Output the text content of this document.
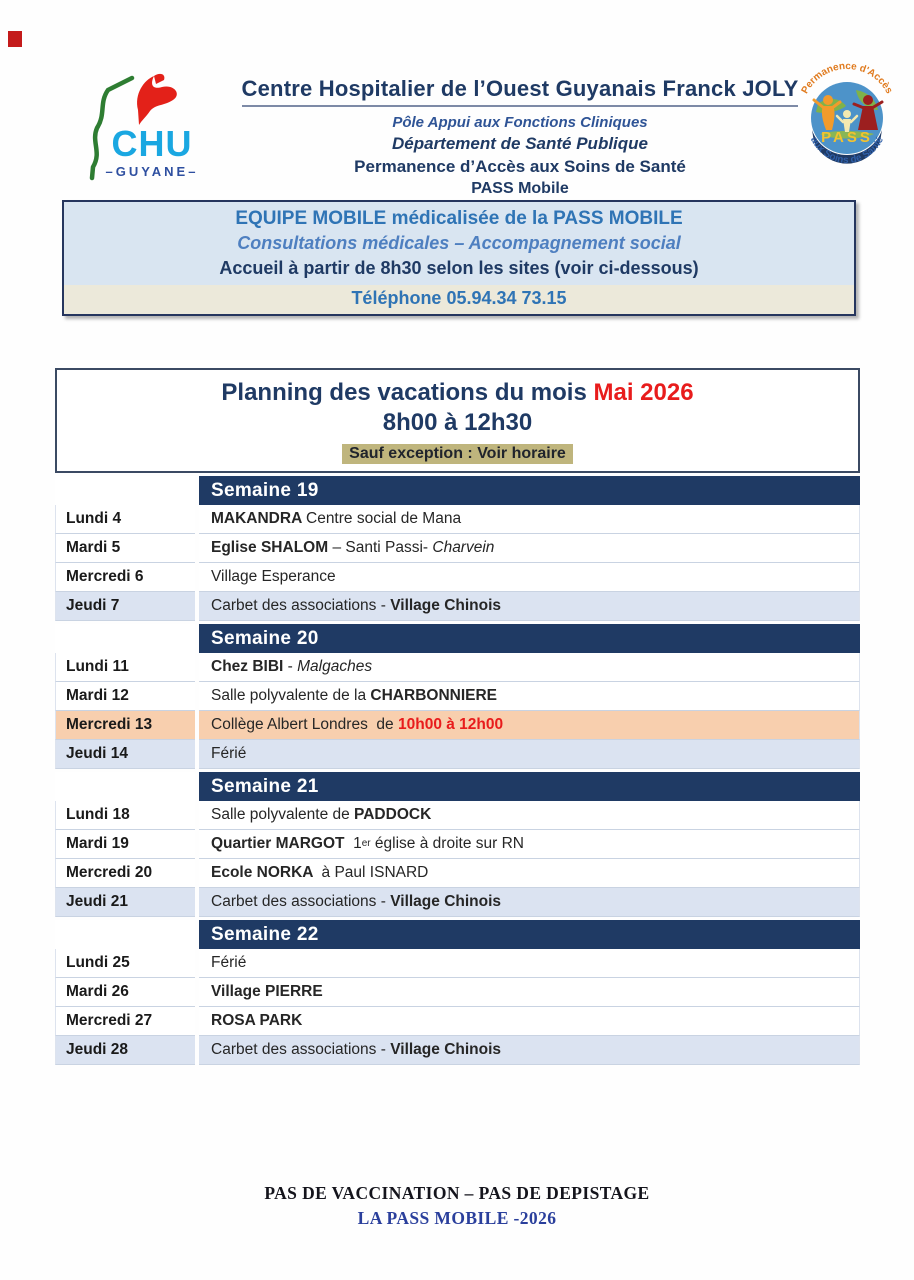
CHU
–GUYANE–
PASS
Permanence d'Accès
aux Soins de Santé
Centre Hospitalier de l’Ouest Guyanais Franck JOLY
Pôle Appui aux Fonctions Cliniques
Département de Santé Publique
Permanence d’Accès aux Soins de Santé
PASS Mobile
EQUIPE MOBILE médicalisée de la PASS MOBILE
Consultations médicales – Accompagnement social
Accueil à partir de 8h30 selon les sites (voir ci-dessous)
Téléphone 05.94.34 73.15
Planning des vacations du mois Mai 2026
8h00 à 12h30
Sauf exception : Voir horaire
Semaine 19
Lundi 4	MAKANDRA Centre social de Mana
Mardi 5	Eglise SHALOM – Santi Passi- Charvein
Mercredi 6	Village Esperance
Jeudi 7	Carbet des associations - Village Chinois
Semaine 20
Lundi 11	Chez BIBI - Malgaches
Mardi 12	Salle polyvalente de la CHARBONNIERE
Mercredi 13	Collège Albert Londres  de 10h00 à 12h00
Jeudi 14	Férié
Semaine 21
Lundi 18	Salle polyvalente de PADDOCK
Mardi 19	Quartier MARGOT 1 er église à droite sur RN
Mercredi 20	Ecole NORKA à Paul ISNARD
Jeudi 21	Carbet des associations - Village Chinois
Semaine 22
Lundi 25	Férié
Mardi 26	Village PIERRE
Mercredi 27	ROSA PARK
Jeudi 28	Carbet des associations - Village Chinois
PAS DE VACCINATION – PAS DE DEPISTAGE
LA PASS MOBILE -2026
